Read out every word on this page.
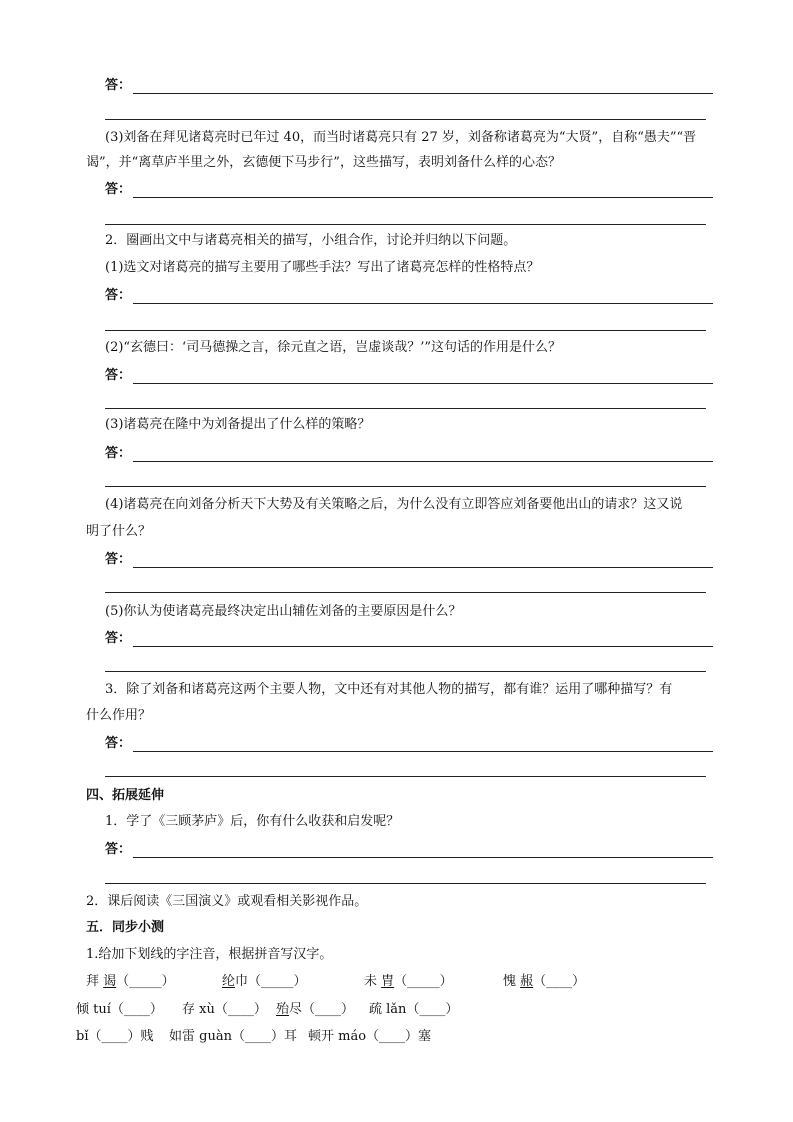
答：
(3)刘备在拜见诸葛亮时已年过 40，而当时诸葛亮只有 27 岁，刘备称诸葛亮为“大贤”，自称“愚夫”“晋
谒”，并“离草庐半里之外，玄德便下马步行”，这些描写，表明刘备什么样的心态？
答：
2．圈画出文中与诸葛亮相关的描写，小组合作，讨论并归纳以下问题。
(1)选文对诸葛亮的描写主要用了哪些手法？写出了诸葛亮怎样的性格特点？
答：
(2)“玄德曰：‘司马德操之言，徐元直之语，岂虚谈哉？’”这句话的作用是什么？
答：
(3)诸葛亮在隆中为刘备提出了什么样的策略？
答：
(4)诸葛亮在向刘备分析天下大势及有关策略之后，为什么没有立即答应刘备要他出山的请求？这又说
明了什么？
答：
(5)你认为使诸葛亮最终决定出山辅佐刘备的主要原因是什么？
答：
3．除了刘备和诸葛亮这两个主要人物，文中还有对其他人物的描写，都有谁？运用了哪种描写？有
什么作用？
答：
四、拓展延伸
1．学了《三顾茅庐》后，你有什么收获和启发呢？
答：
2．课后阅读《三国演义》或观看相关影视作品。
五．同步小测
1.给加下划线的字注音，根据拼音写汉字。
拜 谒（_____）	纶巾（_____）	未 胄（_____）	愧 赧（____）
倾 tuí（____） 存 xù（____） 殆尽（____） 疏 lǎn（____）
bǐ（____）贱 如雷 guàn（____）耳 顿开 máo（____）塞
